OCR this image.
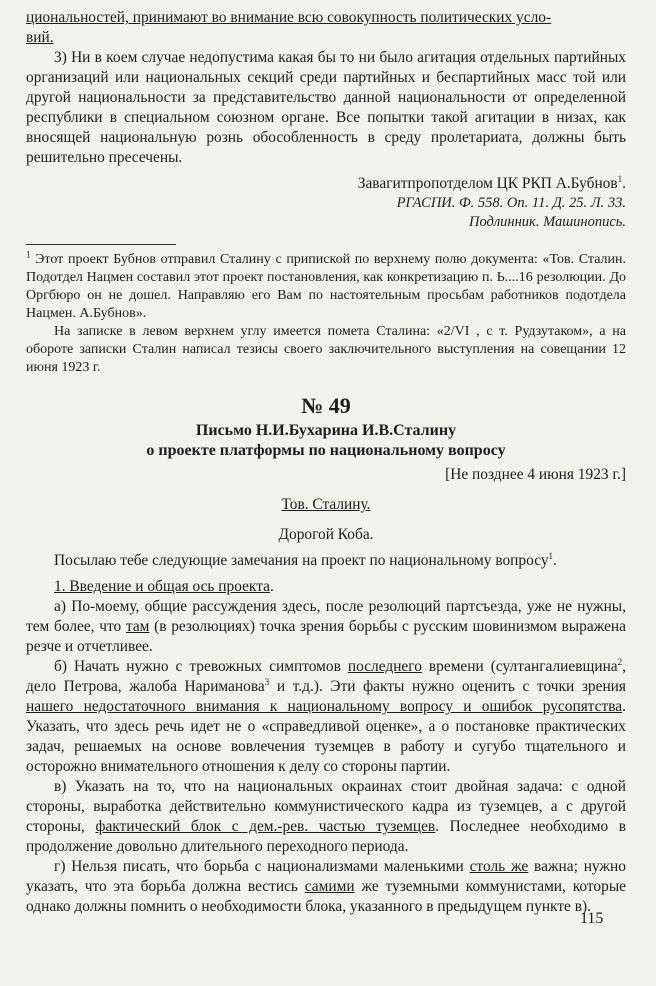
циональностей, принимают во внимание всю совокупность политических усло-
вий.

3) Ни в коем случае недопустима какая бы то ни было агитация отдельных партийных организаций или национальных секций среди партийных и беспартийных масс той или другой национальности за представительство данной национальности от определенной республики в специальном союзном органе. Все попытки такой агитации в низах, как вносящей национальную рознь обособленность в среду пролетариата, должны быть решительно пресечены.

Завагитпропотделом ЦК РКП А.Бубнов$^1$.

РГАСПИ. Ф. 558. Оп. 11. Д. 25. Л. 33.

Подлинник. Машинопись.

$^1$ Этот проект Бубнов отправил Сталину с припиской по верхнему полю документа: «Тов. Сталин. Подотдел Нацмен составил этот проект постановления, как конкретизацию п. Ь....16 резолюции. До Оргбюро он не дошел. Направляю его Вам по настоятельным просьбам работников подотдела Нацмен. А.Бубнов».

На записке в левом верхнем углу имеется помета Сталина: «2/VI , с т. Рудзутаком», а на обороте записки Сталин написал тезисы своего заключительного выступления на совещании 12 июня 1923 г.

№ 49

Письмо Н.И.Бухарина И.В.Сталину

о проекте платформы по национальному вопросу

[Не позднее 4 июня 1923 г.]

Тов. Сталину.

Дорогой Коба.

Посылаю тебе следующие замечания на проект по национальному вопросу$^1$.

1. Введение и общая ось проекта.

а) По-моему, общие рассуждения здесь, после резолюций партсъезда, уже не нужны, тем более, что там (в резолюциях) точка зрения борьбы с русским шовинизмом выражена резче и отчетливее.

б) Начать нужно с тревожных симптомов последнего времени (султангалиевщина$^2$, дело Петрова, жалоба Нариманова$^3$ и т.д.). Эти факты нужно оценить с точки зрения нашего недостаточного внимания к национальному вопросу и ошибок русопятства. Указать, что здесь речь идет не о «справедливой оценке», а о постановке практических задач, решаемых на основе вовлечения туземцев в работу и сугубо тщательного и осторожно внимательного отношения к делу со стороны партии.

в) Указать на то, что на национальных окраинах стоит двойная задача: с одной стороны, выработка действительно коммунистического кадра из туземцев, а с другой стороны, фактический блок с дем.-рев. частью туземцев. Последнее необходимо в продолжение довольно длительного переходного периода.

г) Нельзя писать, что борьба с национализмами маленькими столь же важна; нужно указать, что эта борьба должна вестись самими же туземными коммунистами, которые однако должны помнить о необходимости блока, указанного в предыдущем пункте в).

115
